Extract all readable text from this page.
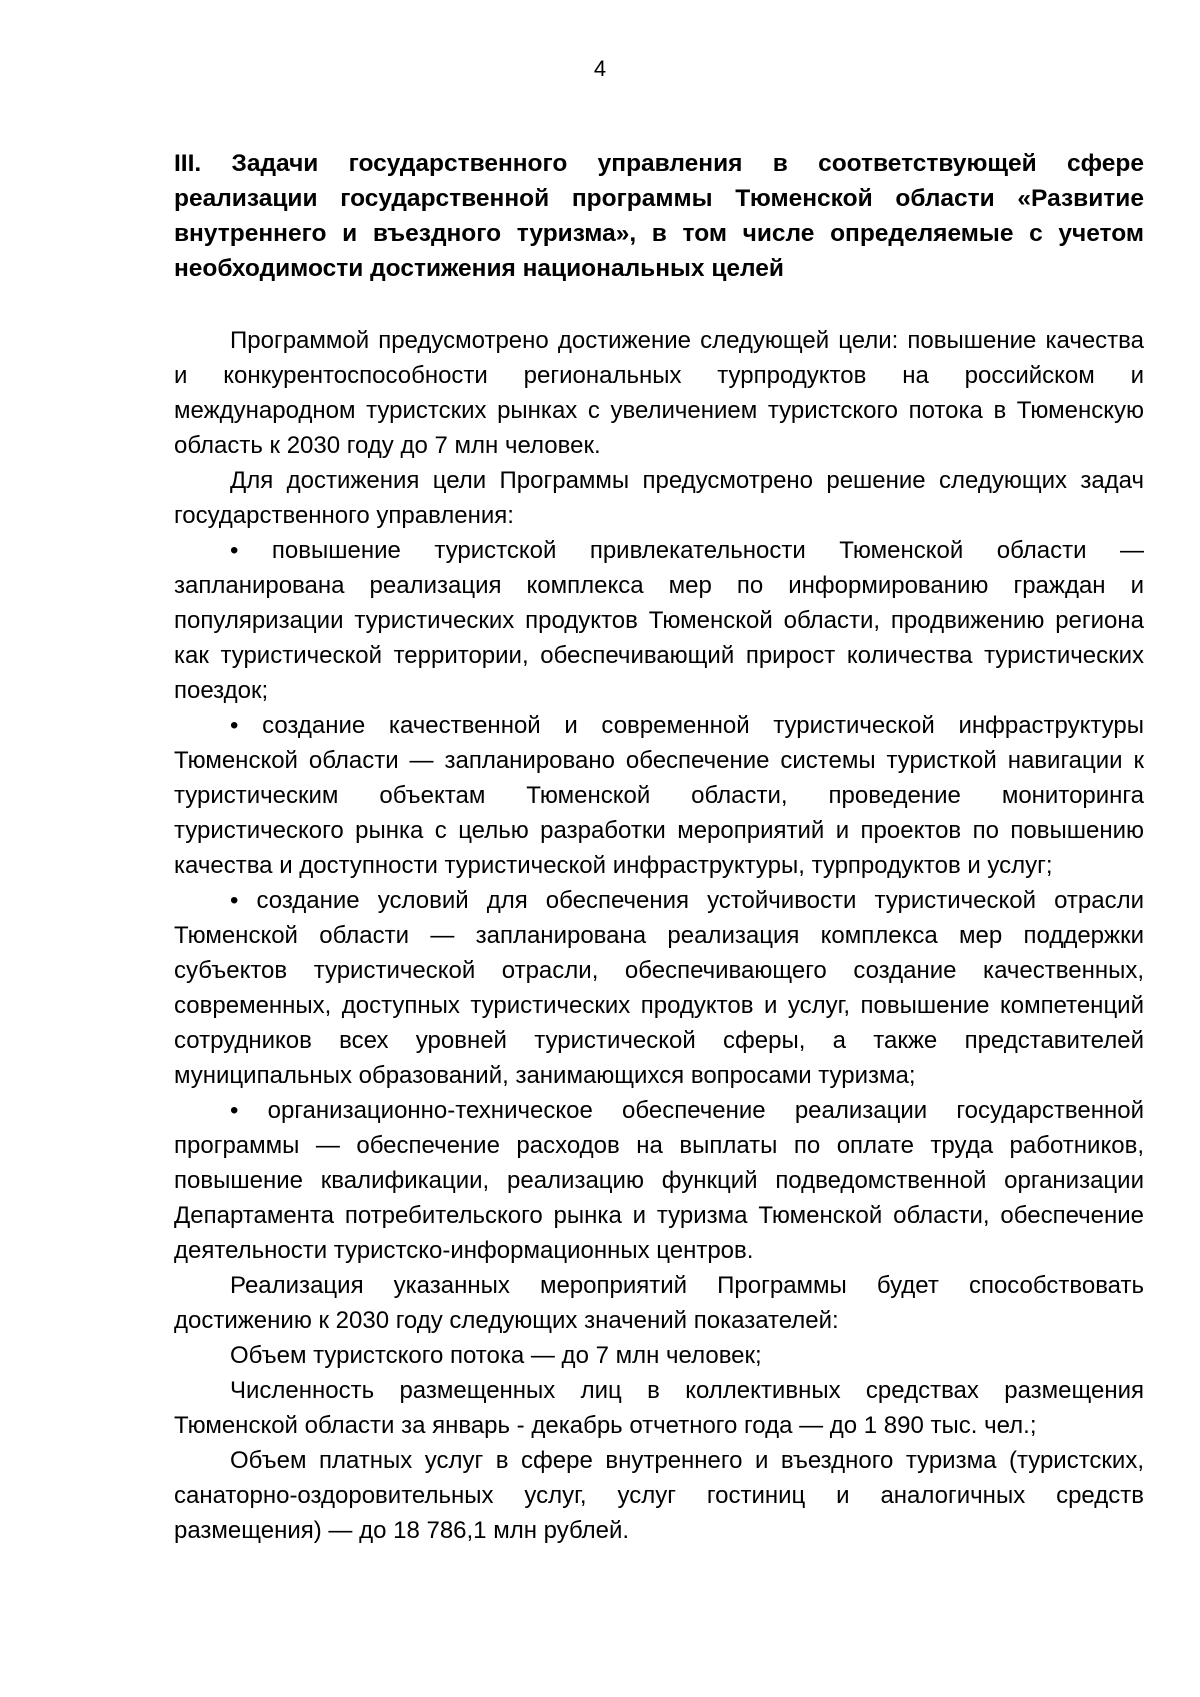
4
III. Задачи государственного управления в соответствующей сфере реализации государственной программы Тюменской области «Развитие внутреннего и въездного туризма», в том числе определяемые с учетом необходимости достижения национальных целей

Программой предусмотрено достижение следующей цели: повышение качества и конкурентоспособности региональных турпродуктов на российском и международном туристских рынках с увеличением туристского потока в Тюменскую область к 2030 году до 7 млн человек.

Для достижения цели Программы предусмотрено решение следующих задач государственного управления:

• повышение туристской привлекательности Тюменской области — запланирована реализация комплекса мер по информированию граждан и популяризации туристических продуктов Тюменской области, продвижению региона как туристической территории, обеспечивающий прирост количества туристических поездок;

• создание качественной и современной туристической инфраструктуры Тюменской области — запланировано обеспечение системы туристкой навигации к туристическим объектам Тюменской области, проведение мониторинга туристического рынка с целью разработки мероприятий и проектов по повышению качества и доступности туристической инфраструктуры, турпродуктов и услуг;

• создание условий для обеспечения устойчивости туристической отрасли Тюменской области — запланирована реализация комплекса мер поддержки субъектов туристической отрасли, обеспечивающего создание качественных, современных, доступных туристических продуктов и услуг, повышение компетенций сотрудников всех уровней туристической сферы, а также представителей муниципальных образований, занимающихся вопросами туризма;

• организационно-техническое обеспечение реализации государственной программы — обеспечение расходов на выплаты по оплате труда работников, повышение квалификации, реализацию функций подведомственной организации Департамента потребительского рынка и туризма Тюменской области, обеспечение деятельности туристско-информационных центров.

Реализация указанных мероприятий Программы будет способствовать достижению к 2030 году следующих значений показателей:

Объем туристского потока — до 7 млн человек;

Численность размещенных лиц в коллективных средствах размещения Тюменской области за январь - декабрь отчетного года — до 1 890 тыс. чел.;

Объем платных услуг в сфере внутреннего и въездного туризма (туристских, санаторно-оздоровительных услуг, услуг гостиниц и аналогичных средств размещения) — до 18 786,1 млн рублей.
